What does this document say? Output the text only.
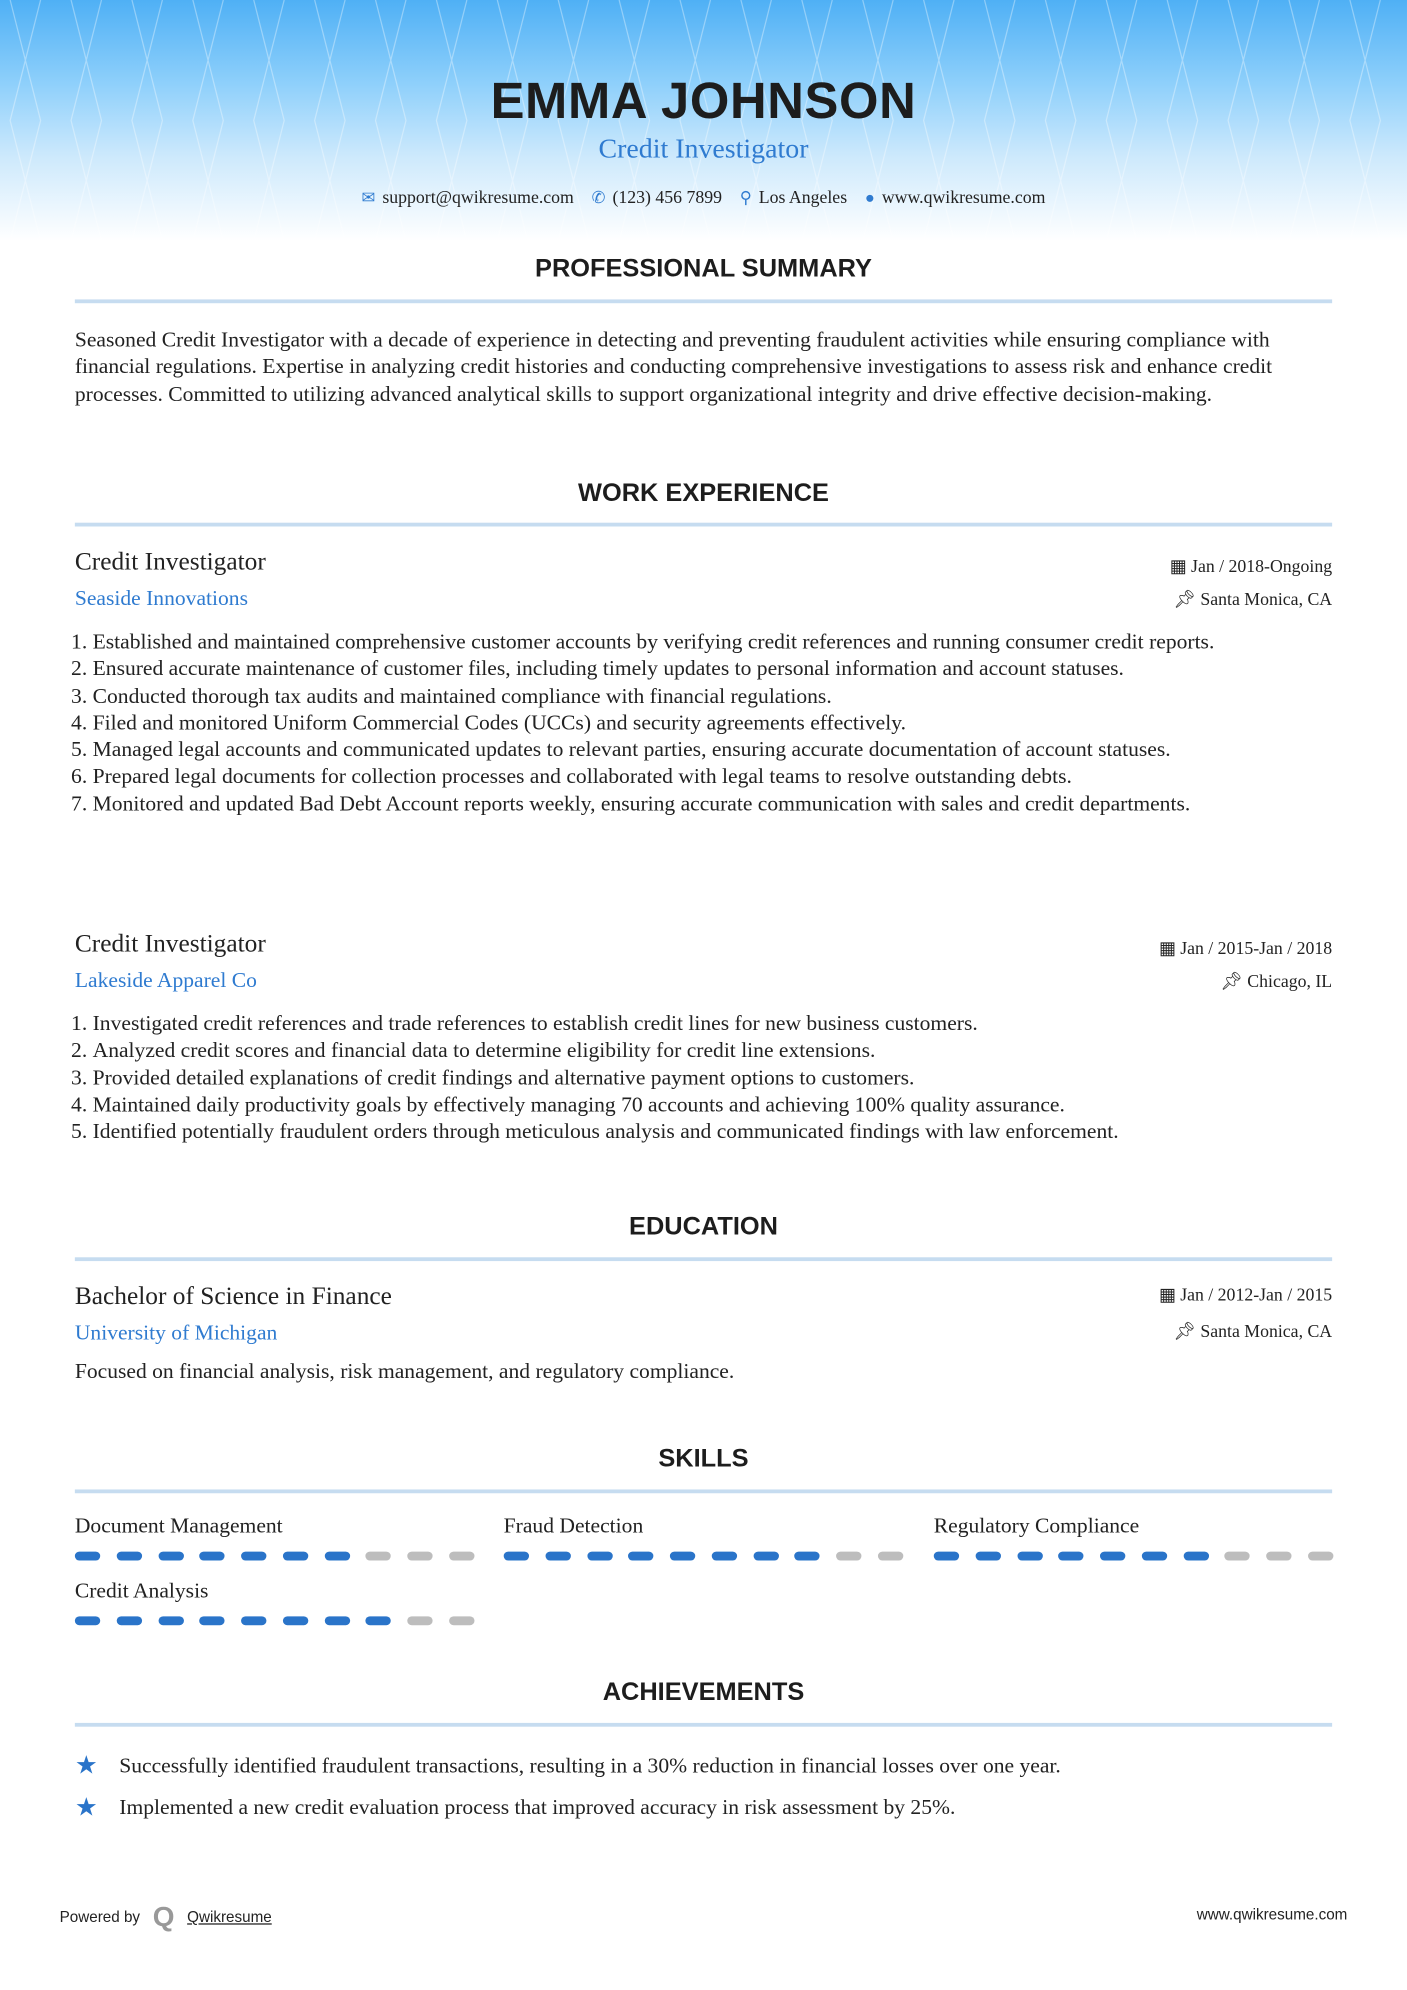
EMMA JOHNSON
Credit Investigator
✉ support@qwikresume.com ✆ (123) 456 7899 ⚲ Los Angeles ● www.qwikresume.com
PROFESSIONAL SUMMARY
Seasoned Credit Investigator with a decade of experience in detecting and preventing fraudulent activities while ensuring compliance with financial regulations. Expertise in analyzing credit histories and conducting comprehensive investigations to assess risk and enhance credit processes. Committed to utilizing advanced analytical skills to support organizational integrity and drive effective decision-making.
WORK EXPERIENCE
Credit Investigator	▦ Jan / 2018-Ongoing
Seaside Innovations	📌︎ Santa Monica, CA
1. Established and maintained comprehensive customer accounts by verifying credit references and running consumer credit reports.
2. Ensured accurate maintenance of customer files, including timely updates to personal information and account statuses.
3. Conducted thorough tax audits and maintained compliance with financial regulations.
4. Filed and monitored Uniform Commercial Codes (UCCs) and security agreements effectively.
5. Managed legal accounts and communicated updates to relevant parties, ensuring accurate documentation of account statuses.
6. Prepared legal documents for collection processes and collaborated with legal teams to resolve outstanding debts.
7. Monitored and updated Bad Debt Account reports weekly, ensuring accurate communication with sales and credit departments.
Credit Investigator	▦ Jan / 2015-Jan / 2018
Lakeside Apparel Co	📌︎ Chicago, IL
1. Investigated credit references and trade references to establish credit lines for new business customers.
2. Analyzed credit scores and financial data to determine eligibility for credit line extensions.
3. Provided detailed explanations of credit findings and alternative payment options to customers.
4. Maintained daily productivity goals by effectively managing 70 accounts and achieving 100% quality assurance.
5. Identified potentially fraudulent orders through meticulous analysis and communicated findings with law enforcement.
EDUCATION
Bachelor of Science in Finance	▦ Jan / 2012-Jan / 2015
University of Michigan	📌︎ Santa Monica, CA
Focused on financial analysis, risk management, and regulatory compliance.
SKILLS
Document Management	Fraud Detection	Regulatory Compliance
Credit Analysis
ACHIEVEMENTS
★	Successfully identified fraudulent transactions, resulting in a 30% reduction in financial losses over one year.
★	Implemented a new credit evaluation process that improved accuracy in risk assessment by 25%.
Powered by Q Qwikresume	www.qwikresume.com
